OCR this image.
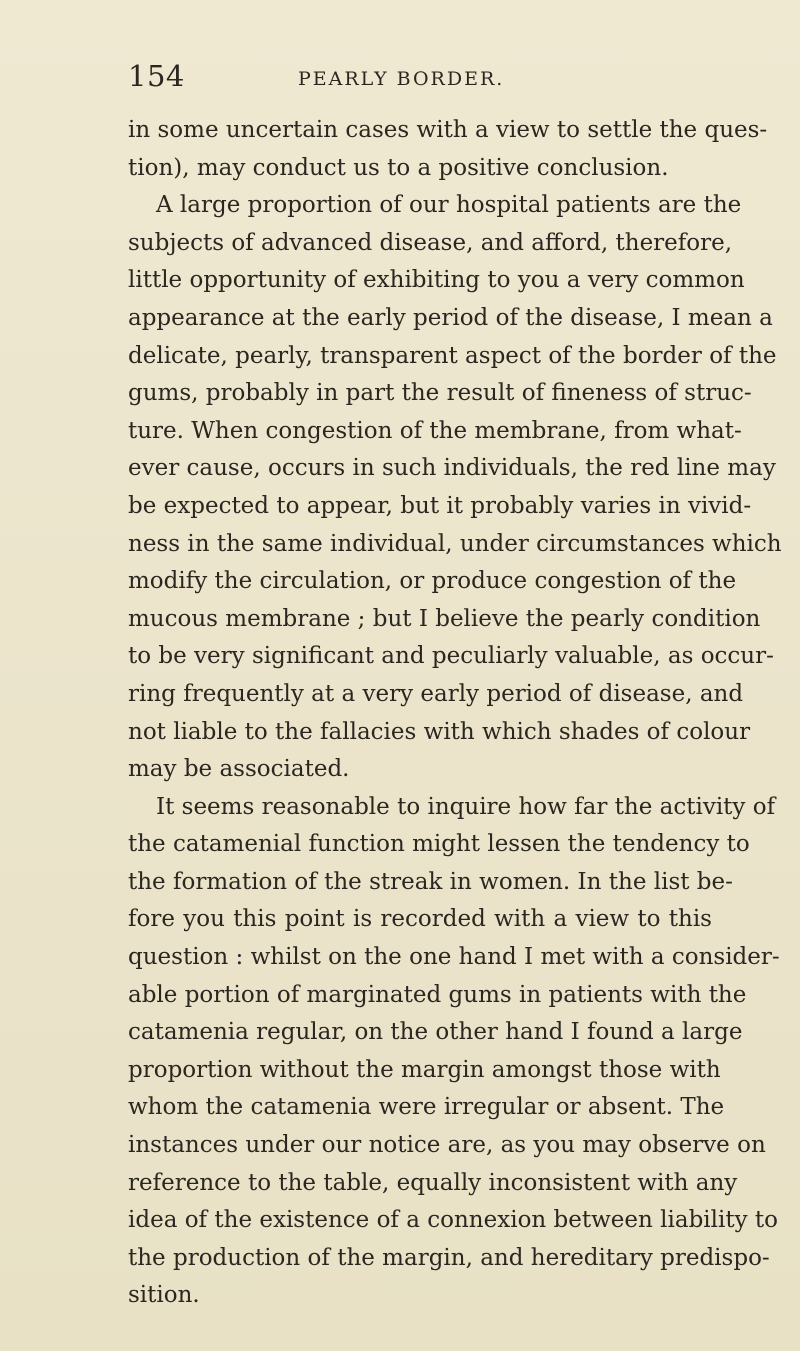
154	PEARLY BORDER.
in some uncertain cases with a view to settle the ques-
tion), may conduct us to a positive conclusion.
A large proportion of our hospital patients are the
subjects of advanced disease, and afford, therefore,
little opportunity of exhibiting to you a very common
appearance at the early period of the disease, I mean a
delicate, pearly, transparent aspect of the border of the
gums, probably in part the result of fineness of struc-
ture. When congestion of the membrane, from what-
ever cause, occurs in such individuals, the red line may
be expected to appear, but it probably varies in vivid-
ness in the same individual, under circumstances which
modify the circulation, or produce congestion of the
mucous membrane ; but I believe the pearly condition
to be very significant and peculiarly valuable, as occur-
ring frequently at a very early period of disease, and
not liable to the fallacies with which shades of colour
may be associated.
It seems reasonable to inquire how far the activity of
the catamenial function might lessen the tendency to
the formation of the streak in women. In the list be-
fore you this point is recorded with a view to this
question : whilst on the one hand I met with a consider-
able portion of marginated gums in patients with the
catamenia regular, on the other hand I found a large
proportion without the margin amongst those with
whom the catamenia were irregular or absent. The
instances under our notice are, as you may observe on
reference to the table, equally inconsistent with any
idea of the existence of a connexion between liability to
the production of the margin, and hereditary predispo-
sition.
